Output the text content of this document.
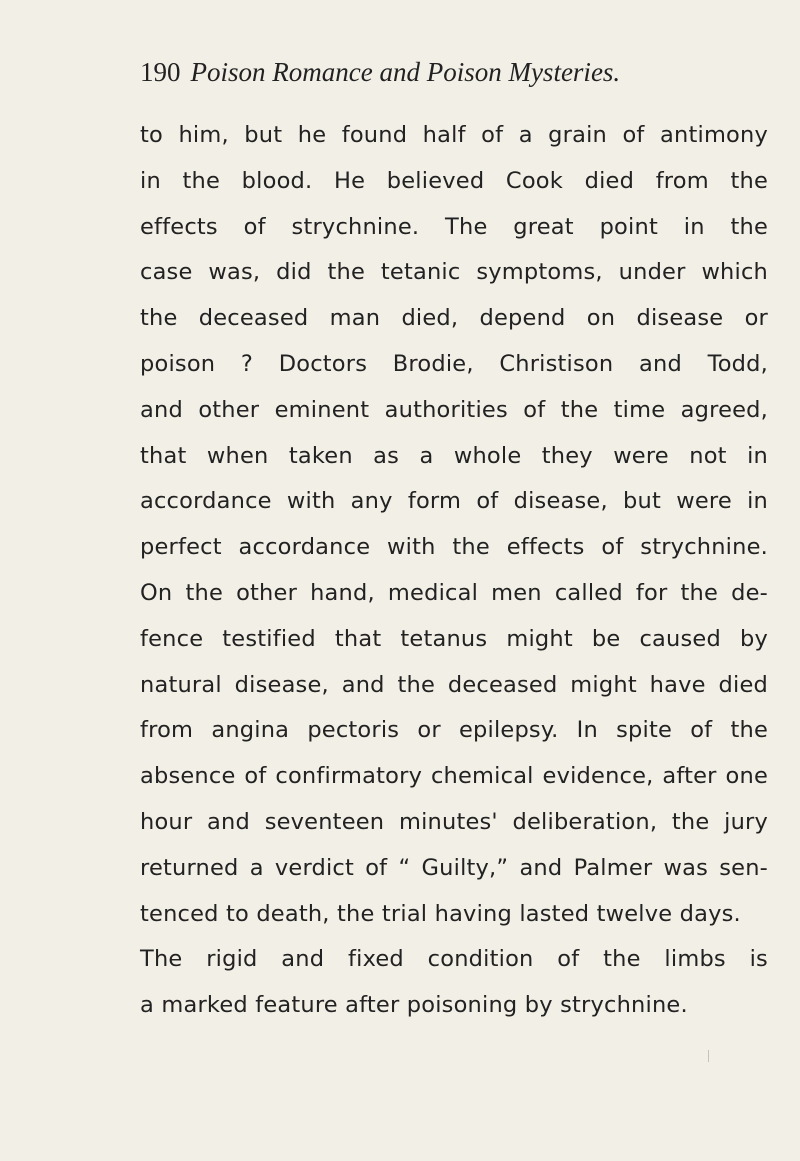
190 Poison Romance and Poison Mysteries.
to him, but he found half of a grain of antimony
in the blood. He believed Cook died from the
effects of strychnine. The great point in the
case was, did the tetanic symptoms, under which
the deceased man died, depend on disease or
poison ? Doctors Brodie, Christison and Todd,
and other eminent authorities of the time agreed,
that when taken as a whole they were not in
accordance with any form of disease, but were in
perfect accordance with the effects of strychnine.
On the other hand, medical men called for the de-
fence testified that tetanus might be caused by
natural disease, and the deceased might have died
from angina pectoris or epilepsy. In spite of the
absence of confirmatory chemical evidence, after one
hour and seventeen minutes' deliberation, the jury
returned a verdict of “ Guilty,” and Palmer was sen-
tenced to death, the trial having lasted twelve days.
The rigid and fixed condition of the limbs is
a marked feature after poisoning by strychnine.
